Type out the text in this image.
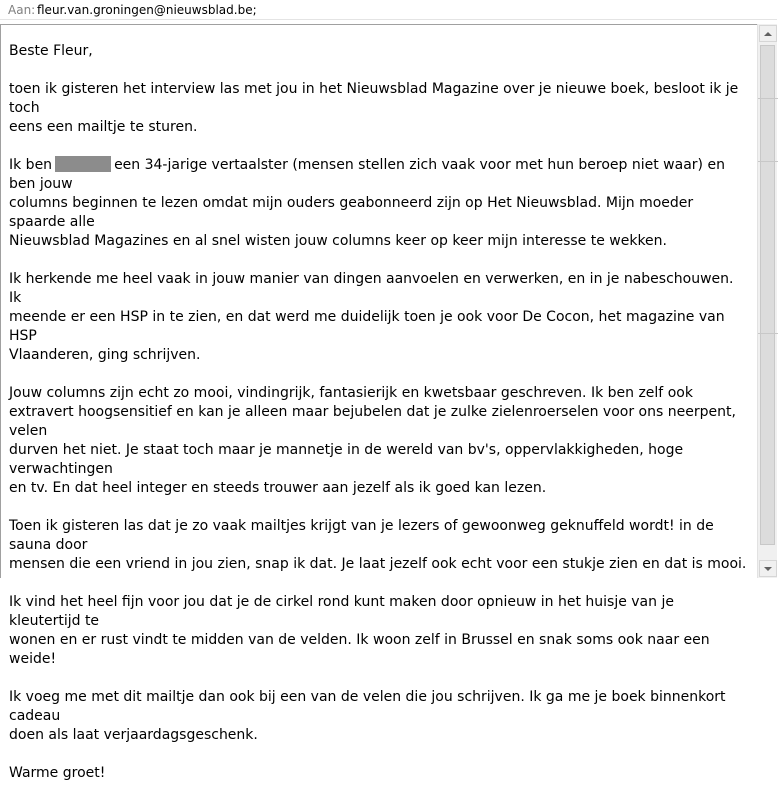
Aan: fleur.van.groningen@nieuwsblad.be;

Beste Fleur,

toen ik gisteren het interview las met jou in het Nieuwsblad Magazine over je nieuwe boek, besloot ik je toch
eens een mailtje te sturen.

Ik ben	een 34-jarige vertaalster (mensen stellen zich vaak voor met hun beroep niet waar) en ben jouw
columns beginnen te lezen omdat mijn ouders geabonneerd zijn op Het Nieuwsblad. Mijn moeder spaarde alle
Nieuwsblad Magazines en al snel wisten jouw columns keer op keer mijn interesse te wekken.

Ik herkende me heel vaak in jouw manier van dingen aanvoelen en verwerken, en in je nabeschouwen. Ik
meende er een HSP in te zien, en dat werd me duidelijk toen je ook voor De Cocon, het magazine van HSP
Vlaanderen, ging schrijven.

Jouw columns zijn echt zo mooi, vindingrijk, fantasierijk en kwetsbaar geschreven. Ik ben zelf ook
extravert hoogsensitief en kan je alleen maar bejubelen dat je zulke zielenroerselen voor ons neerpent, velen
durven het niet. Je staat toch maar je mannetje in de wereld van bv's, oppervlakkigheden, hoge verwachtingen
en tv. En dat heel integer en steeds trouwer aan jezelf als ik goed kan lezen.

Toen ik gisteren las dat je zo vaak mailtjes krijgt van je lezers of gewoonweg geknuffeld wordt! in de sauna door
mensen die een vriend in jou zien, snap ik dat. Je laat jezelf ook echt voor een stukje zien en dat is mooi.

Ik vind het heel fijn voor jou dat je de cirkel rond kunt maken door opnieuw in het huisje van je kleutertijd te
wonen en er rust vindt te midden van de velden. Ik woon zelf in Brussel en snak soms ook naar een weide!

Ik voeg me met dit mailtje dan ook bij een van de velen die jou schrijven. Ik ga me je boek binnenkort cadeau
doen als laat verjaardagsgeschenk.

Warme groet!
